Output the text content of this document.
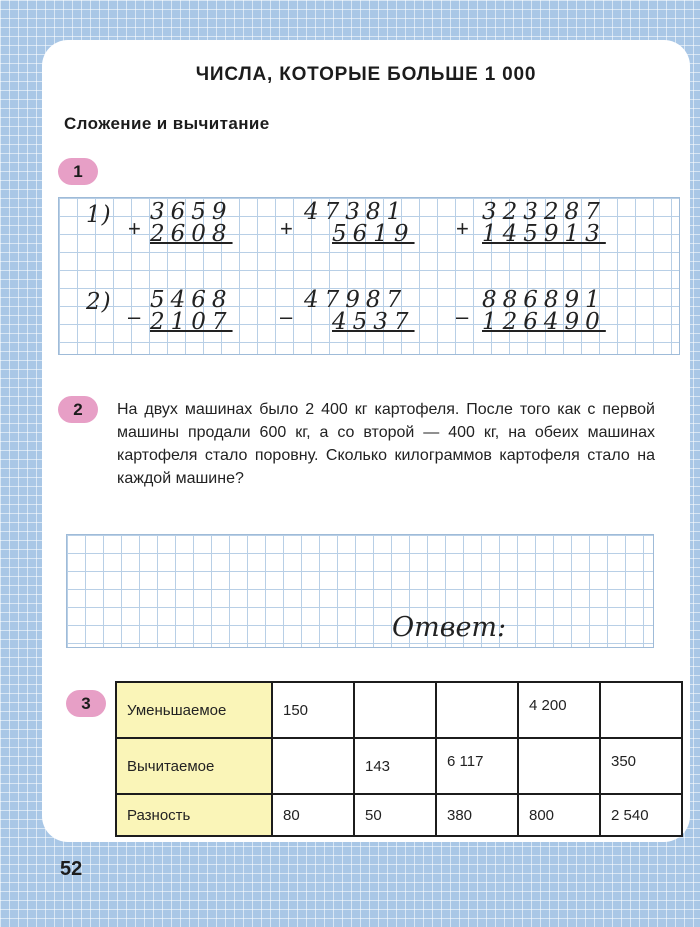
ЧИСЛА, КОТОРЫЕ БОЛЬШЕ 1 000
Сложение и вычитание
1
1)
2)
+
3659
2608 +
47381
5619 +
323287
145913
–
5468
2107 –
47987
4537 –
886891
126490
2	На двух машинах было 2 400 кг картофеля. После того как с первой машины продали 600 кг, а со второй — 400 кг, на обеих машинах картофеля стало поровну. Сколько килограммов картофеля стало на каждой машине?
Ответ:
3	Уменьшаемое	150			4 200	
Вычитаемое		143	6 117		350
Разность	80	50	380	800	2 540
52
